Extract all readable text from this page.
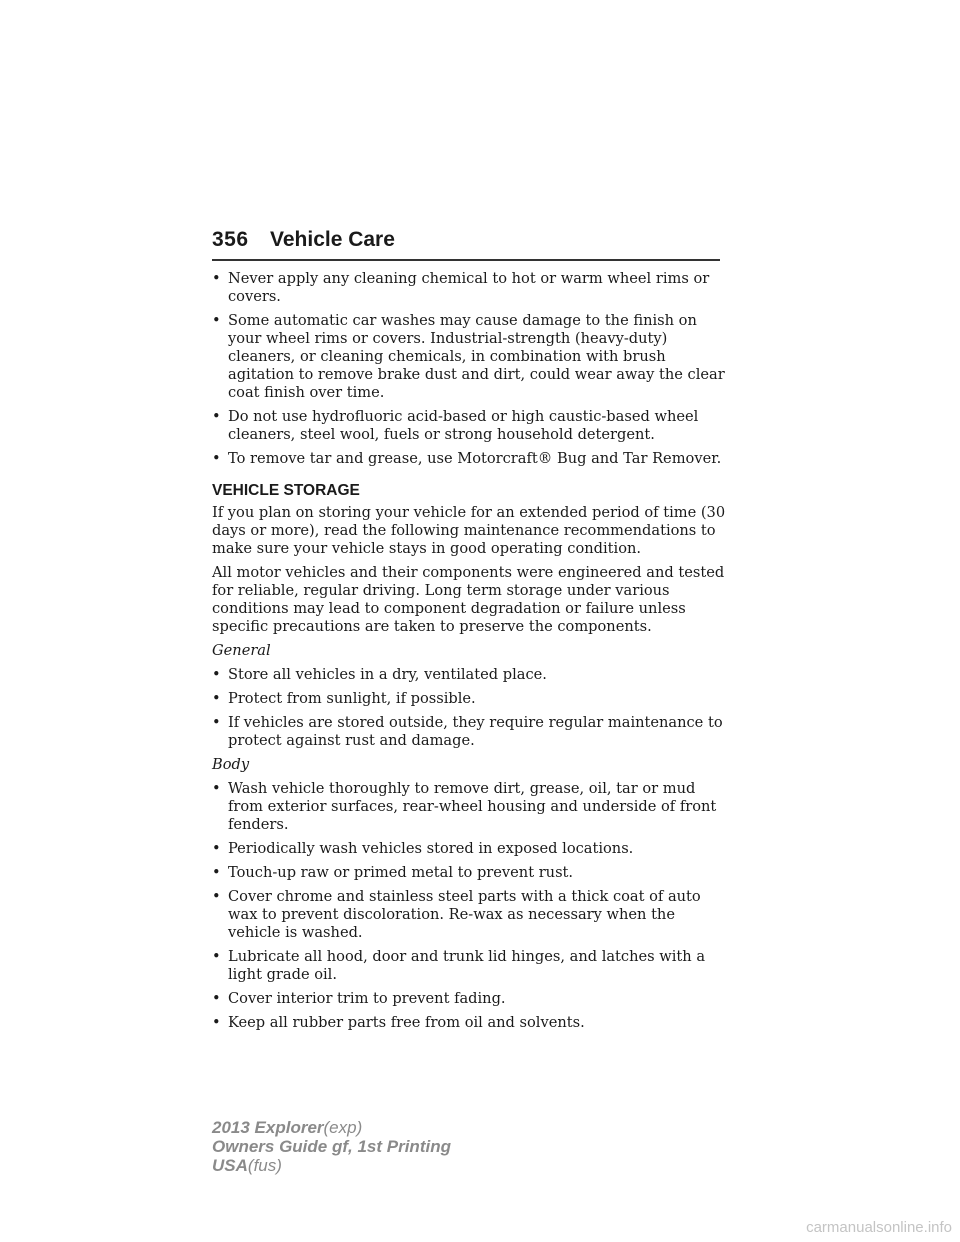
356 Vehicle Care
• Never apply any cleaning chemical to hot or warm wheel rims or covers.
• Some automatic car washes may cause damage to the finish on your wheel rims or covers. Industrial-strength (heavy-duty) cleaners, or cleaning chemicals, in combination with brush agitation to remove brake dust and dirt, could wear away the clear coat finish over time.
• Do not use hydrofluoric acid-based or high caustic-based wheel cleaners, steel wool, fuels or strong household detergent.
• To remove tar and grease, use Motorcraft® Bug and Tar Remover.
VEHICLE STORAGE
If you plan on storing your vehicle for an extended period of time (30 days or more), read the following maintenance recommendations to make sure your vehicle stays in good operating condition.
All motor vehicles and their components were engineered and tested for reliable, regular driving. Long term storage under various conditions may lead to component degradation or failure unless specific precautions are taken to preserve the components.
General
• Store all vehicles in a dry, ventilated place.
• Protect from sunlight, if possible.
• If vehicles are stored outside, they require regular maintenance to protect against rust and damage.
Body
• Wash vehicle thoroughly to remove dirt, grease, oil, tar or mud from exterior surfaces, rear-wheel housing and underside of front fenders.
• Periodically wash vehicles stored in exposed locations.
• Touch-up raw or primed metal to prevent rust.
• Cover chrome and stainless steel parts with a thick coat of auto wax to prevent discoloration. Re-wax as necessary when the vehicle is washed.
• Lubricate all hood, door and trunk lid hinges, and latches with a light grade oil.
• Cover interior trim to prevent fading.
• Keep all rubber parts free from oil and solvents.
2013 Explorer(exp)
Owners Guide gf, 1st Printing
USA(fus)
carmanualsonline.info
